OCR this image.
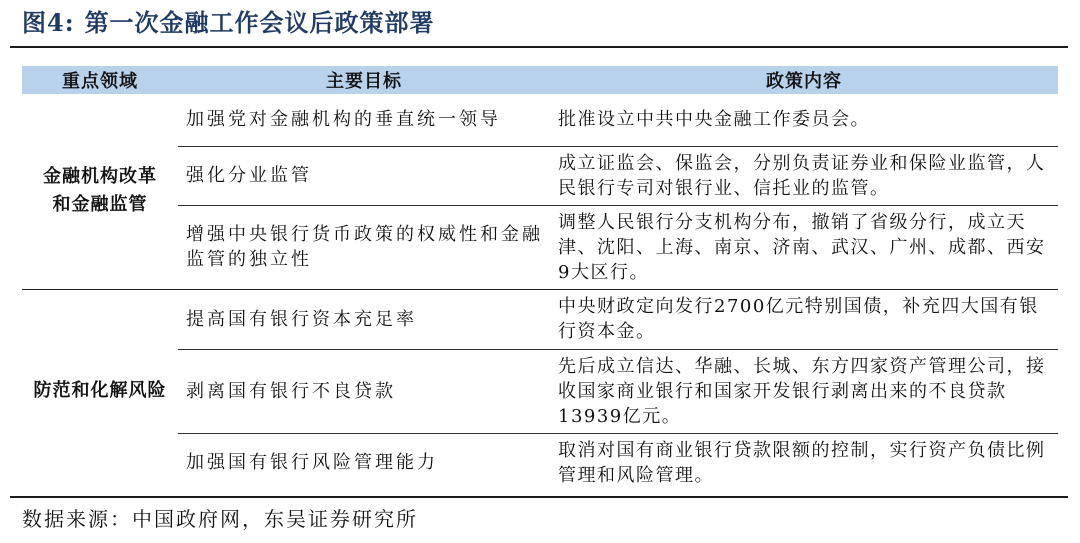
图4: 第一次金融工作会议后政策部署
重点领域	主要目标	政策内容

金融机构改革
和金融监管	加强党对金融机构的垂直统一领导	批准设立中共中央金融工作委员会。
	强化分业监管	成立证监会、保监会，分别负责证券业和保险业监管，人民银行专司对银行业、信托业的监管。
	增强中央银行货币政策的权威性和金融监管的独立性	调整人民银行分支机构分布，撤销了省级分行，成立天津、沈阳、上海、南京、济南、武汉、广州、成都、西安9大区行。

防范和化解风险	提高国有银行资本充足率	中央财政定向发行2700亿元特别国债，补充四大国有银行资本金。
	剥离国有银行不良贷款	先后成立信达、华融、长城、东方四家资产管理公司，接收国家商业银行和国家开发银行剥离出来的不良贷款13939亿元。
	加强国有银行风险管理能力	取消对国有商业银行贷款限额的控制，实行资产负债比例管理和风险管理。
数据来源：中国政府网，东吴证券研究所
